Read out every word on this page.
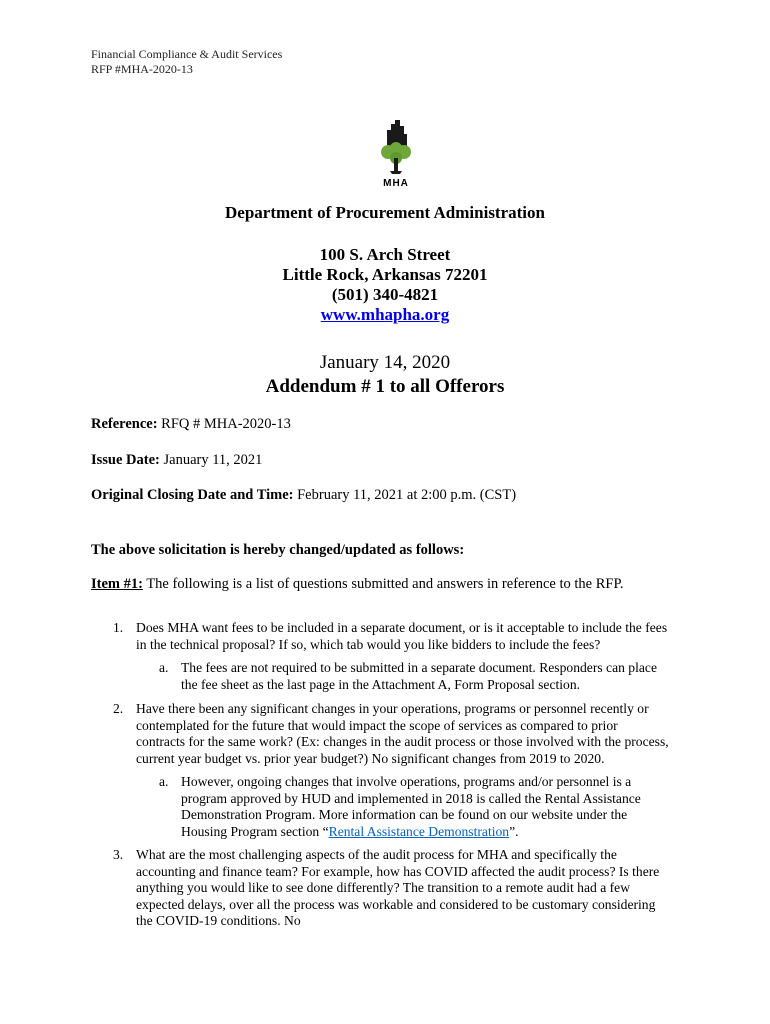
Financial Compliance & Audit Services
RFP #MHA-2020-13
MHA
Department of Procurement Administration
100 S. Arch Street
Little Rock, Arkansas 72201
(501) 340-4821
www.mhapha.org
January 14, 2020
Addendum # 1 to all Offerors
Reference: RFQ # MHA-2020-13
Issue Date: January 11, 2021
Original Closing Date and Time: February 11, 2021 at 2:00 p.m. (CST)
The above solicitation is hereby changed/updated as follows:
Item #1: The following is a list of questions submitted and answers in reference to the RFP.
1. Does MHA want fees to be included in a separate document, or is it acceptable to include the fees
in the technical proposal? If so, which tab would you like bidders to include the fees?
a. The fees are not required to be submitted in a separate document. Responders can place
the fee sheet as the last page in the Attachment A, Form Proposal section.
2. Have there been any significant changes in your operations, programs or personnel recently or
contemplated for the future that would impact the scope of services as compared to prior
contracts for the same work? (Ex: changes in the audit process or those involved with the process,
current year budget vs. prior year budget?) No significant changes from 2019 to 2020.
a. However, ongoing changes that involve operations, programs and/or personnel is a
program approved by HUD and implemented in 2018 is called the Rental Assistance
Demonstration Program. More information can be found on our website under the
Housing Program section “Rental Assistance Demonstration”.
3. What are the most challenging aspects of the audit process for MHA and specifically the
accounting and finance team? For example, how has COVID affected the audit process? Is there
anything you would like to see done differently? The transition to a remote audit had a few
expected delays, over all the process was workable and considered to be customary considering
the COVID-19 conditions. No
